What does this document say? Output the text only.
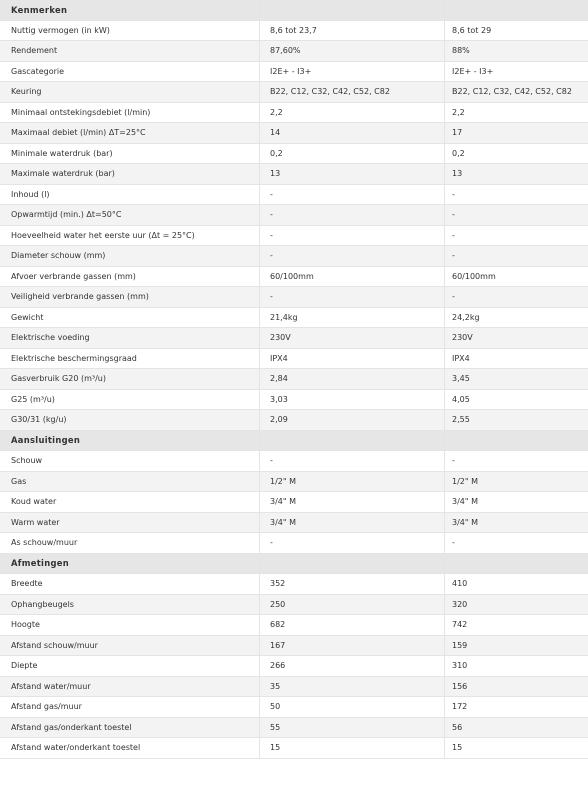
Kenmerken
Nuttig vermogen (in kW)	8,6 tot 23,7	8,6 tot 29
Rendement	87,60%	88%
Gascategorie	I2E+ - I3+	I2E+ - I3+
Keuring	B22, C12, C32, C42, C52, C82	B22, C12, C32, C42, C52, C82
Minimaal ontstekingsdebiet (l/min)	2,2	2,2
Maximaal debiet (l/min) ΔT=25°C	14	17
Minimale waterdruk (bar)	0,2	0,2
Maximale waterdruk (bar)	13	13
Inhoud (l)	-	-
Opwarmtijd (min.) Δt=50°C	-	-
Hoeveelheid water het eerste uur (Δt = 25°C)	-	-
Diameter schouw (mm)	-	-
Afvoer verbrande gassen (mm)	60/100mm	60/100mm
Veiligheid verbrande gassen (mm)	-	-
Gewicht	21,4kg	24,2kg
Elektrische voeding	230V	230V
Elektrische beschermingsgraad	IPX4	IPX4
Gasverbruik G20 (m³/u)	2,84	3,45
G25 (m³/u)	3,03	4,05
G30/31 (kg/u)	2,09	2,55
Aansluitingen
Schouw	-	-
Gas	1/2" M	1/2" M
Koud water	3/4" M	3/4" M
Warm water	3/4" M	3/4" M
As schouw/muur	-	-
Afmetingen
Breedte	352	410
Ophangbeugels	250	320
Hoogte	682	742
Afstand schouw/muur	167	159
Diepte	266	310
Afstand water/muur	35	156
Afstand gas/muur	50	172
Afstand gas/onderkant toestel	55	56
Afstand water/onderkant toestel	15	15
